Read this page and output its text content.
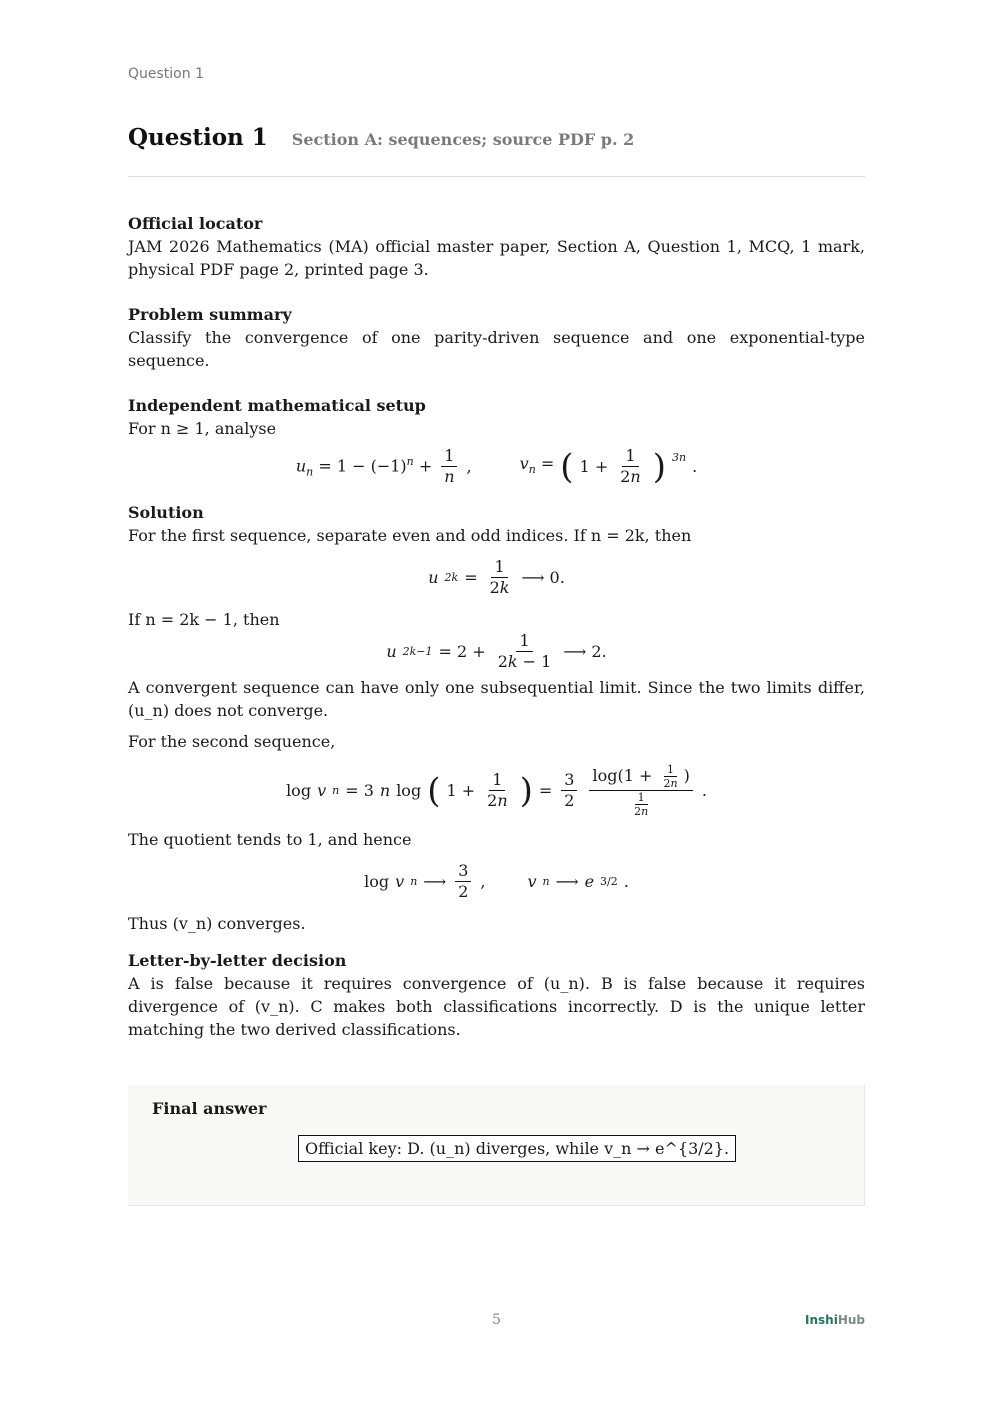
Question 1
Question 1 Section A: sequences; source PDF p. 2
Official locator

JAM 2026 Mathematics (MA) official master paper, Section A, Question 1, MCQ, 1 mark, physical PDF page 2, printed page 3.

Problem summary

Classify the convergence of one parity-driven sequence and one exponential-type sequence.

Independent mathematical setup

For n ≥ 1, analyse

$u_n = 1 - (-1)^n + \frac{1}{n}$ ,	$v_n$ = ( $1 + \frac{1}{2n}$ ) $^{3n}$ .
Solution

For the first sequence, separate even and odd indices. If n = 2k, then

u $2k = \frac{1}{2k}$ ⟶ 0.

If n = 2k − 1, then

u $2k-1 = 2 + \frac{1}{2k - 1}$ ⟶ 2.

A convergent sequence can have only one subsequential limit. Since the two limits differ, (u_n) does not converge.

For the second sequence,

log v n = 3 n log ( $1 + \frac{1}{2n}$ ) = $\frac{3}{2} \frac{\log(1 + \frac{1}{2n} )}{\frac{1}{2n}}$ .

The quotient tends to 1, and hence

log v n ⟶ $\frac{3}{2}$ ,	v n ⟶ e 3/2 .

Thus (v_n) converges.

Letter-by-letter decision

A is false because it requires convergence of (u_n). B is false because it requires divergence of (v_n). C makes both classifications incorrectly. D is the unique letter matching the two derived classifications.

Final answer
Official key: D. (u_n) diverges, while v_n → e^{3/2}.
5	InshiHub
